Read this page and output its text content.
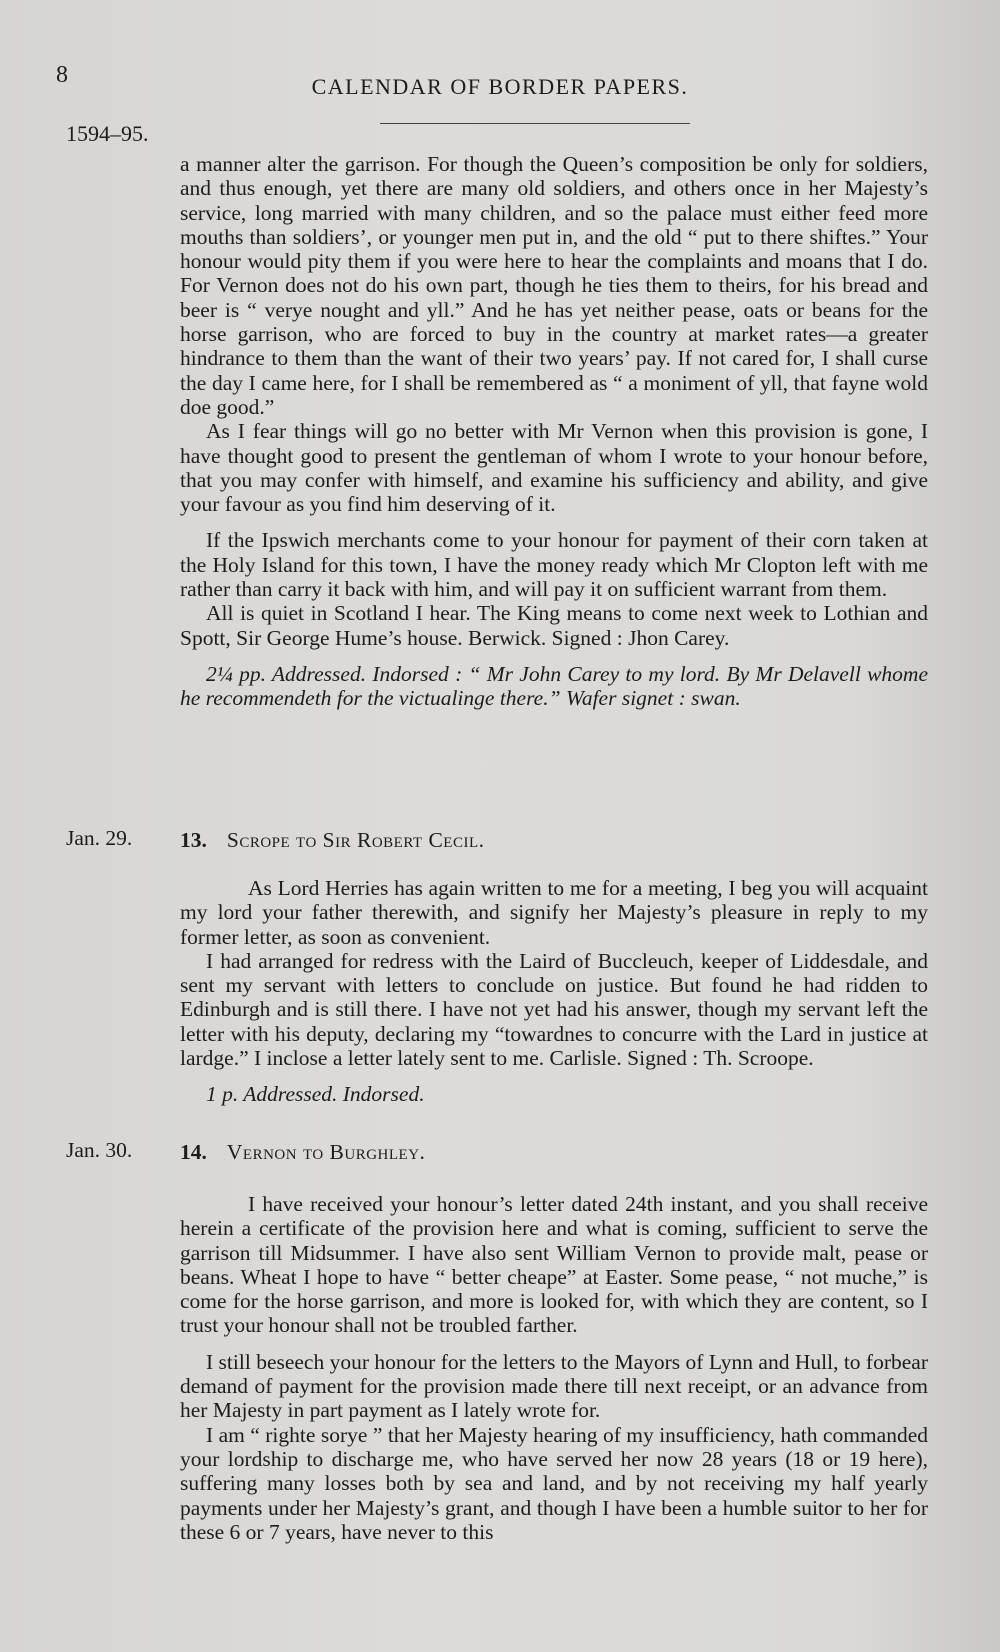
8	CALENDAR OF BORDER PAPERS.
1594–95.

a manner alter the garrison. For though the Queen’s composition be only for soldiers, and thus enough, yet there are many old soldiers, and others once in her Majesty’s service, long married with many children, and so the palace must either feed more mouths than soldiers’, or younger men put in, and the old “ put to there shiftes.” Your honour would pity them if you were here to hear the complaints and moans that I do. For Vernon does not do his own part, though he ties them to theirs, for his bread and beer is “ verye nought and yll.” And he has yet neither pease, oats or beans for the horse garrison, who are forced to buy in the country at market rates—a greater hindrance to them than the want of their two years’ pay. If not cared for, I shall curse the day I came here, for I shall be remembered as “ a moniment of yll, that fayne wold doe good.”

As I fear things will go no better with Mr Vernon when this provision is gone, I have thought good to present the gentleman of whom I wrote to your honour before, that you may confer with himself, and examine his sufficiency and ability, and give your favour as you find him deserving of it.

If the Ipswich merchants come to your honour for payment of their corn taken at the Holy Island for this town, I have the money ready which Mr Clopton left with me rather than carry it back with him, and will pay it on sufficient warrant from them.

All is quiet in Scotland I hear. The King means to come next week to Lothian and Spott, Sir George Hume’s house. Berwick. Signed : Jhon Carey.

2¼ pp. Addressed. Indorsed : “ Mr John Carey to my lord. By Mr Delavell whome he recommendeth for the victualinge there.” Wafer signet : swan.

Jan. 29. 13. Scrope to Sir Robert Cecil.

As Lord Herries has again written to me for a meeting, I beg you will acquaint my lord your father therewith, and signify her Majesty’s pleasure in reply to my former letter, as soon as convenient.

I had arranged for redress with the Laird of Buccleuch, keeper of Liddesdale, and sent my servant with letters to conclude on justice. But found he had ridden to Edinburgh and is still there. I have not yet had his answer, though my servant left the letter with his deputy, declaring my “towardnes to concurre with the Lard in justice at lardge.” I inclose a letter lately sent to me. Carlisle. Signed : Th. Scroope.

1 p. Addressed. Indorsed.

Jan. 30. 14. Vernon to Burghley.

I have received your honour’s letter dated 24th instant, and you shall receive herein a certificate of the provision here and what is coming, sufficient to serve the garrison till Midsummer. I have also sent William Vernon to provide malt, pease or beans. Wheat I hope to have “ better cheape” at Easter. Some pease, “ not muche,” is come for the horse garrison, and more is looked for, with which they are content, so I trust your honour shall not be troubled farther.

I still beseech your honour for the letters to the Mayors of Lynn and Hull, to forbear demand of payment for the provision made there till next receipt, or an advance from her Majesty in part payment as I lately wrote for.

I am “ righte sorye ” that her Majesty hearing of my insufficiency, hath commanded your lordship to discharge me, who have served her now 28 years (18 or 19 here), suffering many losses both by sea and land, and by not receiving my half yearly payments under her Majesty’s grant, and though I have been a humble suitor to her for these 6 or 7 years, have never to this
